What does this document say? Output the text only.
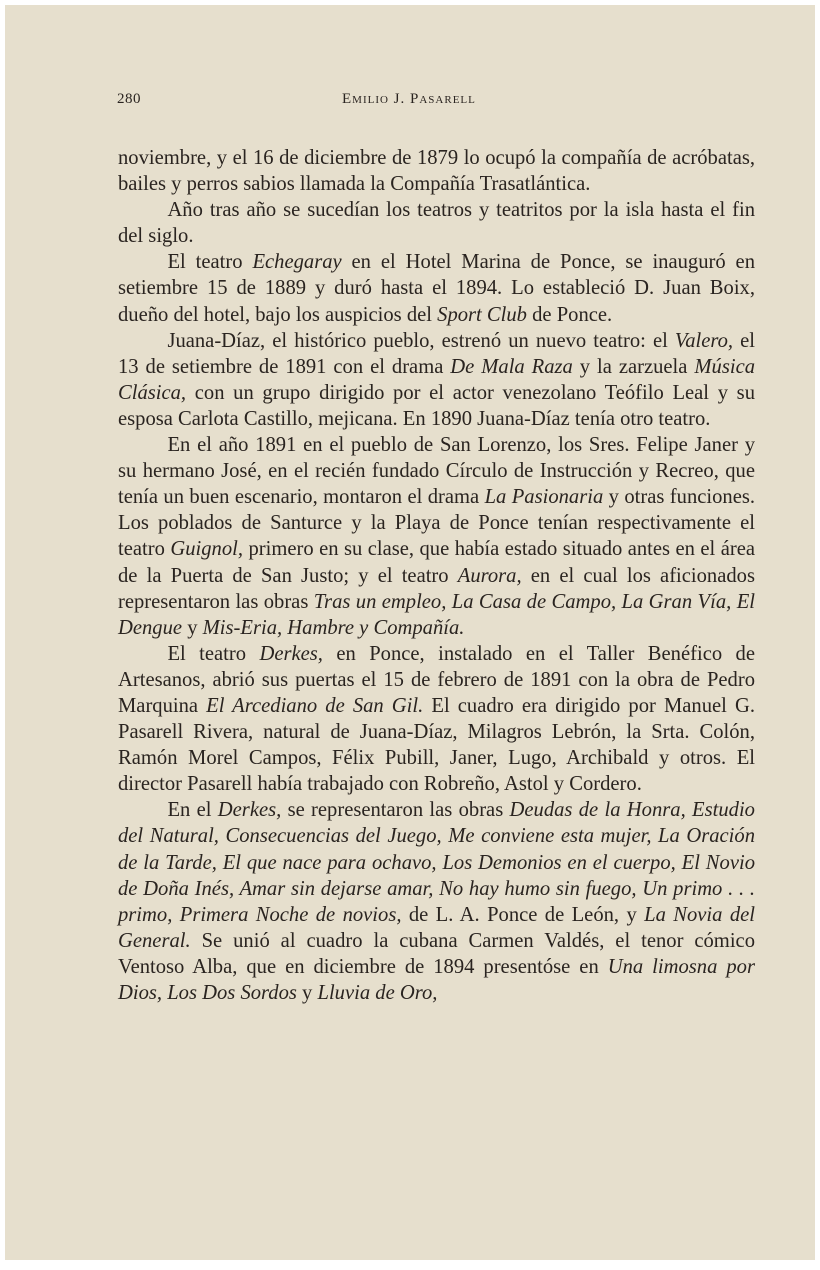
280	Emilio J. Pasarell

noviembre, y el 16 de diciembre de 1879 lo ocupó la compañía de acróbatas, bailes y perros sabios llamada la Compañía Trasatlántica.

Año tras año se sucedían los teatros y teatritos por la isla hasta el fin del siglo.

El teatro Echegaray en el Hotel Marina de Ponce, se inauguró en setiembre 15 de 1889 y duró hasta el 1894. Lo estableció D. Juan Boix, dueño del hotel, bajo los auspicios del Sport Club de Ponce.

Juana-Díaz, el histórico pueblo, estrenó un nuevo teatro: el Valero, el 13 de setiembre de 1891 con el drama De Mala Raza y la zarzuela Música Clásica, con un grupo dirigido por el actor venezolano Teófilo Leal y su esposa Carlota Castillo, mejicana. En 1890 Juana-Díaz tenía otro teatro.

En el año 1891 en el pueblo de San Lorenzo, los Sres. Felipe Janer y su hermano José, en el recién fundado Círculo de Instrucción y Recreo, que tenía un buen escenario, montaron el drama La Pasionaria y otras funciones. Los poblados de Santurce y la Playa de Ponce tenían respectivamente el teatro Guignol, primero en su clase, que había estado situado antes en el área de la Puerta de San Justo; y el teatro Aurora, en el cual los aficionados representaron las obras Tras un empleo, La Casa de Campo, La Gran Vía, El Dengue y Mis-Eria, Hambre y Compañía.

El teatro Derkes, en Ponce, instalado en el Taller Benéfico de Artesanos, abrió sus puertas el 15 de febrero de 1891 con la obra de Pedro Marquina El Arcediano de San Gil. El cuadro era dirigido por Manuel G. Pasarell Rivera, natural de Juana-Díaz, Milagros Lebrón, la Srta. Colón, Ramón Morel Campos, Félix Pubill, Janer, Lugo, Archibald y otros. El director Pasarell había trabajado con Robreño, Astol y Cordero.

En el Derkes, se representaron las obras Deudas de la Honra, Estudio del Natural, Consecuencias del Juego, Me conviene esta mujer, La Oración de la Tarde, El que nace para ochavo, Los Demonios en el cuerpo, El Novio de Doña Inés, Amar sin dejarse amar, No hay humo sin fuego, Un primo . . . primo, Primera Noche de novios, de L. A. Ponce de León, y La Novia del General. Se unió al cuadro la cubana Carmen Valdés, el tenor cómico Ventoso Alba, que en diciembre de 1894 presentóse en Una limosna por Dios, Los Dos Sordos y Lluvia de Oro,
